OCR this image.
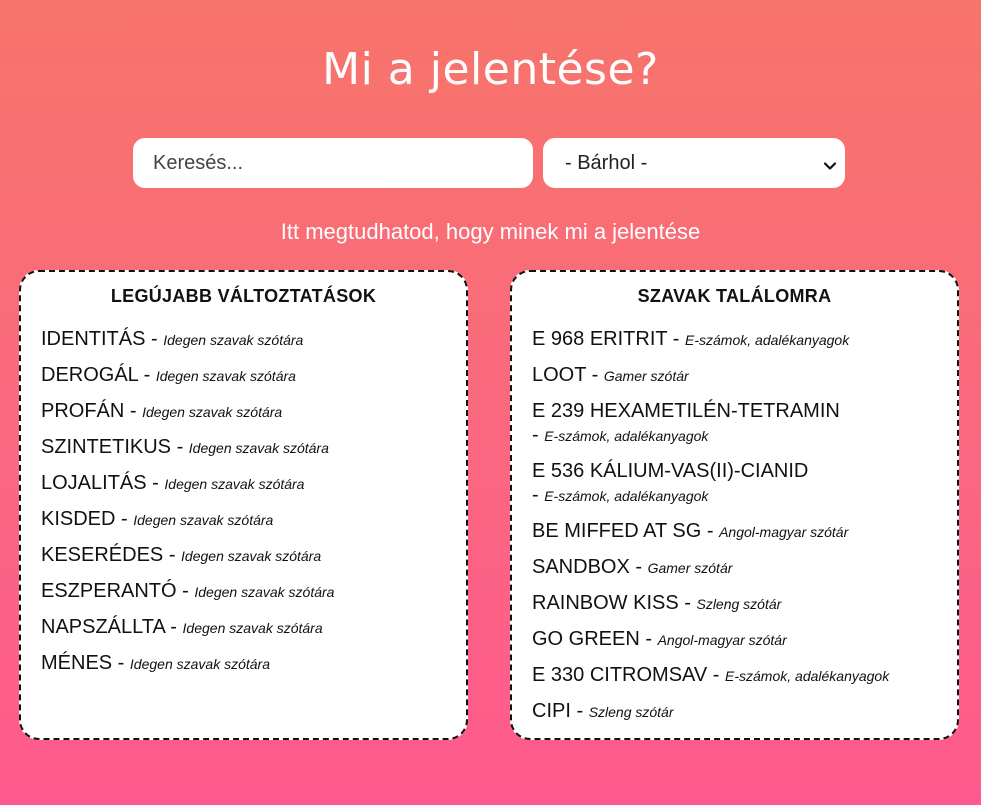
Mi a jelentése?
Keresés...
- Bárhol -
Itt megtudhatod, hogy minek mi a jelentése
LEGÚJABB VÁLTOZTATÁSOK
IDENTITÁS - Idegen szavak szótára
DEROGÁL - Idegen szavak szótára
PROFÁN - Idegen szavak szótára
SZINTETIKUS - Idegen szavak szótára
LOJALITÁS - Idegen szavak szótára
KISDED - Idegen szavak szótára
KESERÉDES - Idegen szavak szótára
ESZPERANTÓ - Idegen szavak szótára
NAPSZÁLLTA - Idegen szavak szótára
MÉNES - Idegen szavak szótára
SZAVAK TALÁLOMRA
E 968 ERITRIT - E-számok, adalékanyagok
LOOT - Gamer szótár
E 239 HEXAMETILÉN-TETRAMIN
- E-számok, adalékanyagok
E 536 KÁLIUM-VAS(II)-CIANID
- E-számok, adalékanyagok
BE MIFFED AT SG - Angol-magyar szótár
SANDBOX - Gamer szótár
RAINBOW KISS - Szleng szótár
GO GREEN - Angol-magyar szótár
E 330 CITROMSAV - E-számok, adalékanyagok
CIPI - Szleng szótár
